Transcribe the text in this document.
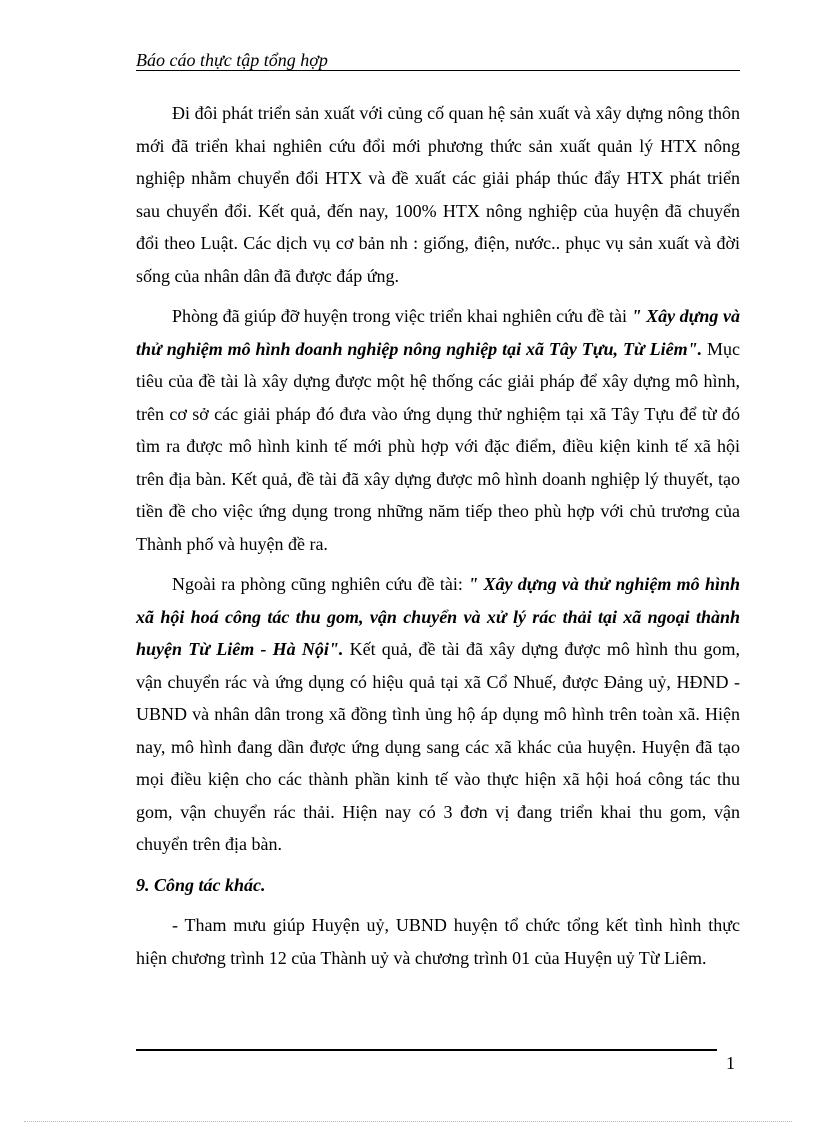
Báo cáo thực tập tổng hợp

Đi đôi phát triển sản xuất với củng cố quan hệ sản xuất và xây dựng nông thôn mới đã triển khai nghiên cứu đổi mới phương thức sản xuất quản lý HTX nông nghiệp nhằm chuyển đổi HTX và đề xuất các giải pháp thúc đẩy HTX phát triển sau chuyển đổi. Kết quả, đến nay, 100% HTX nông nghiệp của huyện đã chuyển đổi theo Luật. Các dịch vụ cơ bản nh : giống, điện, nước.. phục vụ sản xuất và đời sống của nhân dân đã được đáp ứng.

Phòng đã giúp đỡ huyện trong việc triển khai nghiên cứu đề tài " Xây dựng và thử nghiệm mô hình doanh nghiệp nông nghiệp tại xã Tây Tựu, Từ Liêm". Mục tiêu của đề tài là xây dựng được một hệ thống các giải pháp để xây dựng mô hình, trên cơ sở các giải pháp đó đưa vào ứng dụng thử nghiệm tại xã Tây Tựu để từ đó tìm ra được mô hình kinh tế mới phù hợp với đặc điểm, điều kiện kinh tế xã hội trên địa bàn. Kết quả, đề tài đã xây dựng được mô hình doanh nghiệp lý thuyết, tạo tiền đề cho việc ứng dụng trong những năm tiếp theo phù hợp với chủ trương của Thành phố và huyện đề ra.

Ngoài ra phòng cũng nghiên cứu đề tài: " Xây dựng và thử nghiệm mô hình xã hội hoá công tác thu gom, vận chuyển và xử lý rác thải tại xã ngoại thành huyện Từ Liêm - Hà Nội". Kết quả, đề tài đã xây dựng được mô hình thu gom, vận chuyển rác và ứng dụng có hiệu quả tại xã Cổ Nhuế, được Đảng uỷ, HĐND - UBND và nhân dân trong xã đồng tình ủng hộ áp dụng mô hình trên toàn xã. Hiện nay, mô hình đang dần được ứng dụng sang các xã khác của huyện. Huyện đã tạo mọi điều kiện cho các thành phần kinh tế vào thực hiện xã hội hoá công tác thu gom, vận chuyển rác thải. Hiện nay có 3 đơn vị đang triển khai thu gom, vận chuyển trên địa bàn.

9. Công tác khác.

- Tham mưu giúp Huyện uỷ, UBND huyện tổ chức tổng kết tình hình thực hiện chương trình 12 của Thành uỷ và chương trình 01 của Huyện uỷ Từ Liêm.

1
